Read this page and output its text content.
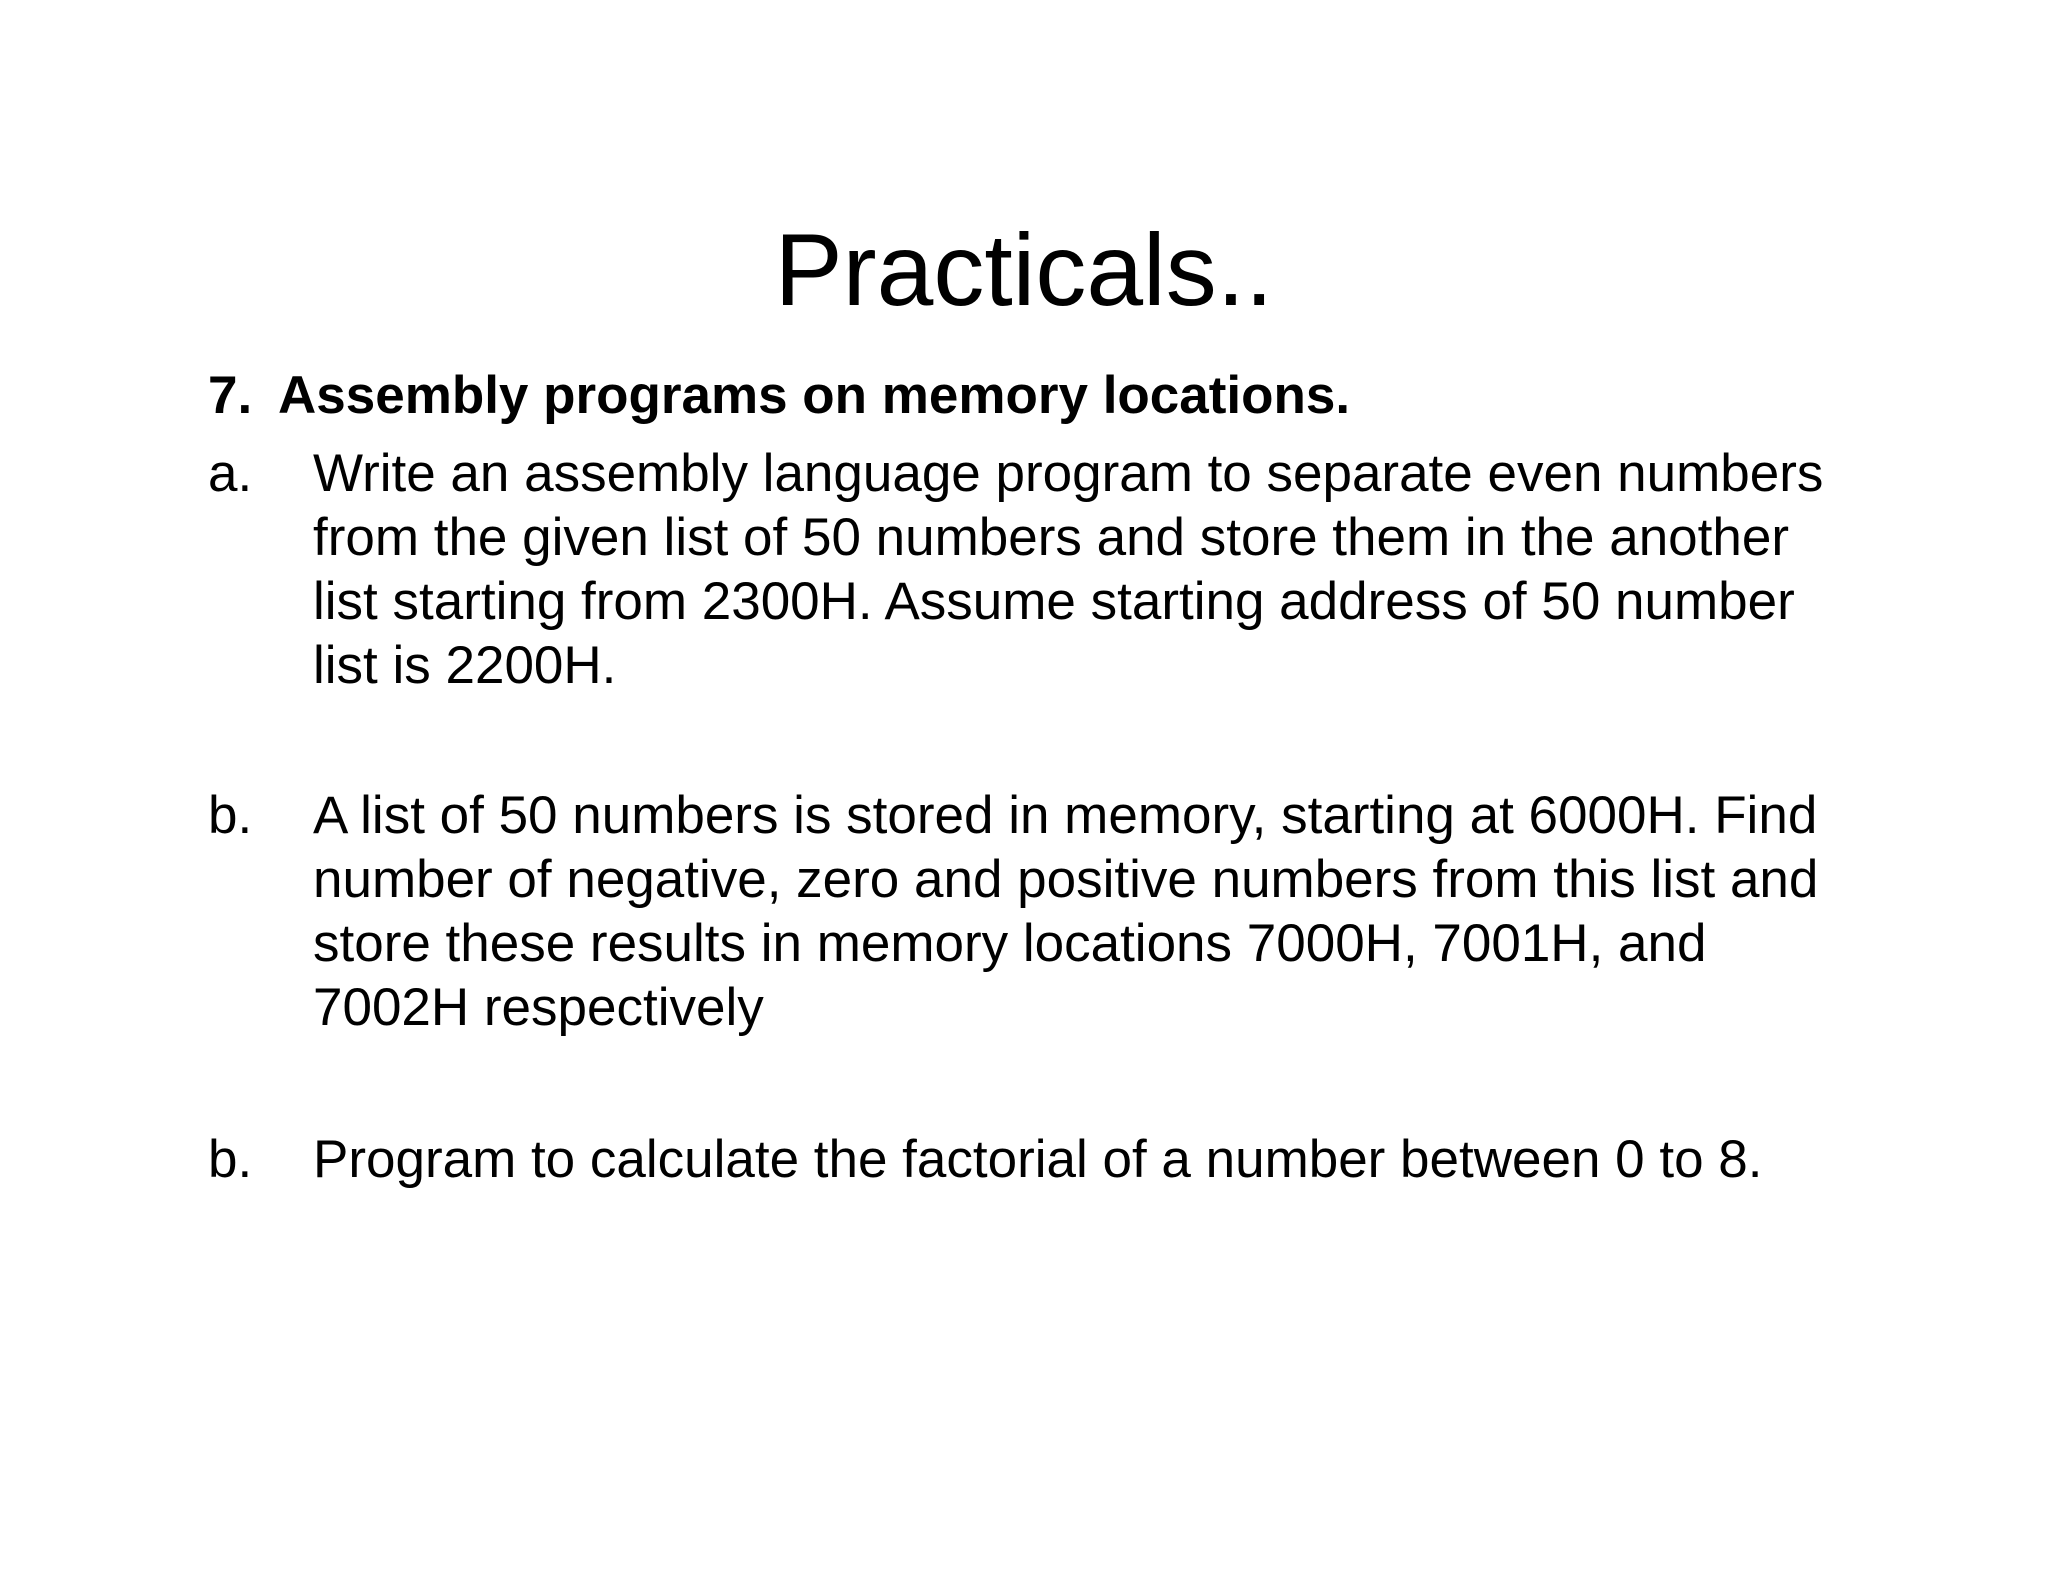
Practicals..
7. Assembly programs on memory locations.
a.	Write an assembly language program to separate even numbers from the given list of 50 numbers and store them in the another list starting from 2300H. Assume starting address of 50 number list is 2200H.
b.	A list of 50 numbers is stored in memory, starting at 6000H. Find number of negative, zero and positive numbers from this list and store these results in memory locations 7000H, 7001H, and 7002H respectively
b.	Program to calculate the factorial of a number between 0 to 8.
